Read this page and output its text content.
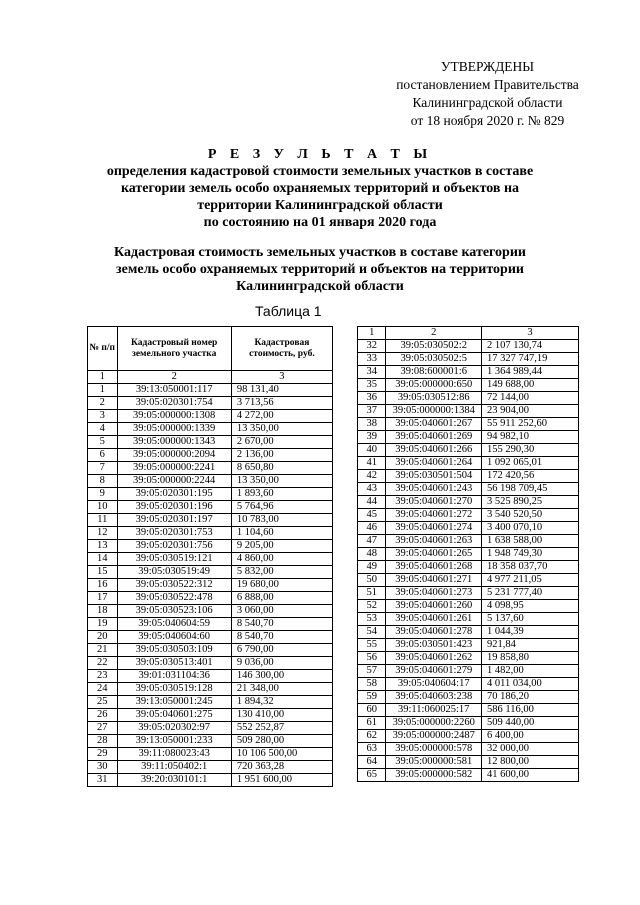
УТВЕРЖДЕНЫ
постановлением Правительства
Калининградской области
от 18 ноября 2020 г. № 829
Р Е З У Л Ь Т А Т Ы
определения кадастровой стоимости земельных участков в составе
категории земель особо охраняемых территорий и объектов на
территории Калининградской области
по состоянию на 01 января 2020 года
Кадастровая стоимость земельных участков в составе категории
земель особо охраняемых территорий и объектов на территории
Калининградской области
Таблица 1
№ п/п	Кадастровый номер земельного участка	Кадастровая стоимость, руб.
1	2	3
1	39:13:050001:117	98 131,40
2	39:05:020301:754	3 713,56
3	39:05:000000:1308	4 272,00
4	39:05:000000:1339	13 350,00
5	39:05:000000:1343	2 670,00
6	39:05:000000:2094	2 136,00
7	39:05:000000:2241	8 650,80
8	39:05:000000:2244	13 350,00
9	39:05:020301:195	1 893,60
10	39:05:020301:196	5 764,96
11	39:05:020301:197	10 783,00
12	39:05:020301:753	1 104,60
13	39:05:020301:756	9 205,00
14	39:05:030519:121	4 860,00
15	39:05:030519:49	5 832,00
16	39:05:030522:312	19 680,00
17	39:05:030522:478	6 888,00
18	39:05:030523:106	3 060,00
19	39:05:040604:59	8 540,70
20	39:05:040604:60	8 540,70
21	39:05:030503:109	6 790,00
22	39:05:030513:401	9 036,00
23	39:01:031104:36	146 300,00
24	39:05:030519:128	21 348,00
25	39:13:050001:245	1 894,32
26	39:05:040601:275	130 410,00
27	39:05:020302:97	552 252,87
28	39:13:050001:233	509 280,00
29	39:11:080023:43	10 106 500,00
30	39:11:050402:1	720 363,28
31	39:20:030101:1	1 951 600,00
1	2	3
32	39:05:030502:2	2 107 130,74
33	39:05:030502:5	17 327 747,19
34	39:08:600001:6	1 364 989,44
35	39:05:000000:650	149 688,00
36	39:05:030512:86	72 144,00
37	39:05:000000:1384	23 904,00
38	39:05:040601:267	55 911 252,60
39	39:05:040601:269	94 982,10
40	39:05:040601:266	155 290,30
41	39:05:040601:264	1 092 065,01
42	39:05:030501:504	172 420,56
43	39:05:040601:243	56 198 709,45
44	39:05:040601:270	3 525 890,25
45	39:05:040601:272	3 540 520,50
46	39:05:040601:274	3 400 070,10
47	39:05:040601:263	1 638 588,00
48	39:05:040601:265	1 948 749,30
49	39:05:040601:268	18 358 037,70
50	39:05:040601:271	4 977 211,05
51	39:05:040601:273	5 231 777,40
52	39:05:040601:260	4 098,95
53	39:05:040601:261	5 137,60
54	39:05:040601:278	1 044,39
55	39:05:030501:423	921,84
56	39:05:040601:262	19 858,80
57	39:05:040601:279	1 482,00
58	39:05:040604:17	4 011 034,00
59	39:05:040603:238	70 186,20
60	39:11:060025:17	586 116,00
61	39:05:000000:2260	509 440,00
62	39:05:000000:2487	6 400,00
63	39:05:000000:578	32 000,00
64	39:05:000000:581	12 800,00
65	39:05:000000:582	41 600,00
